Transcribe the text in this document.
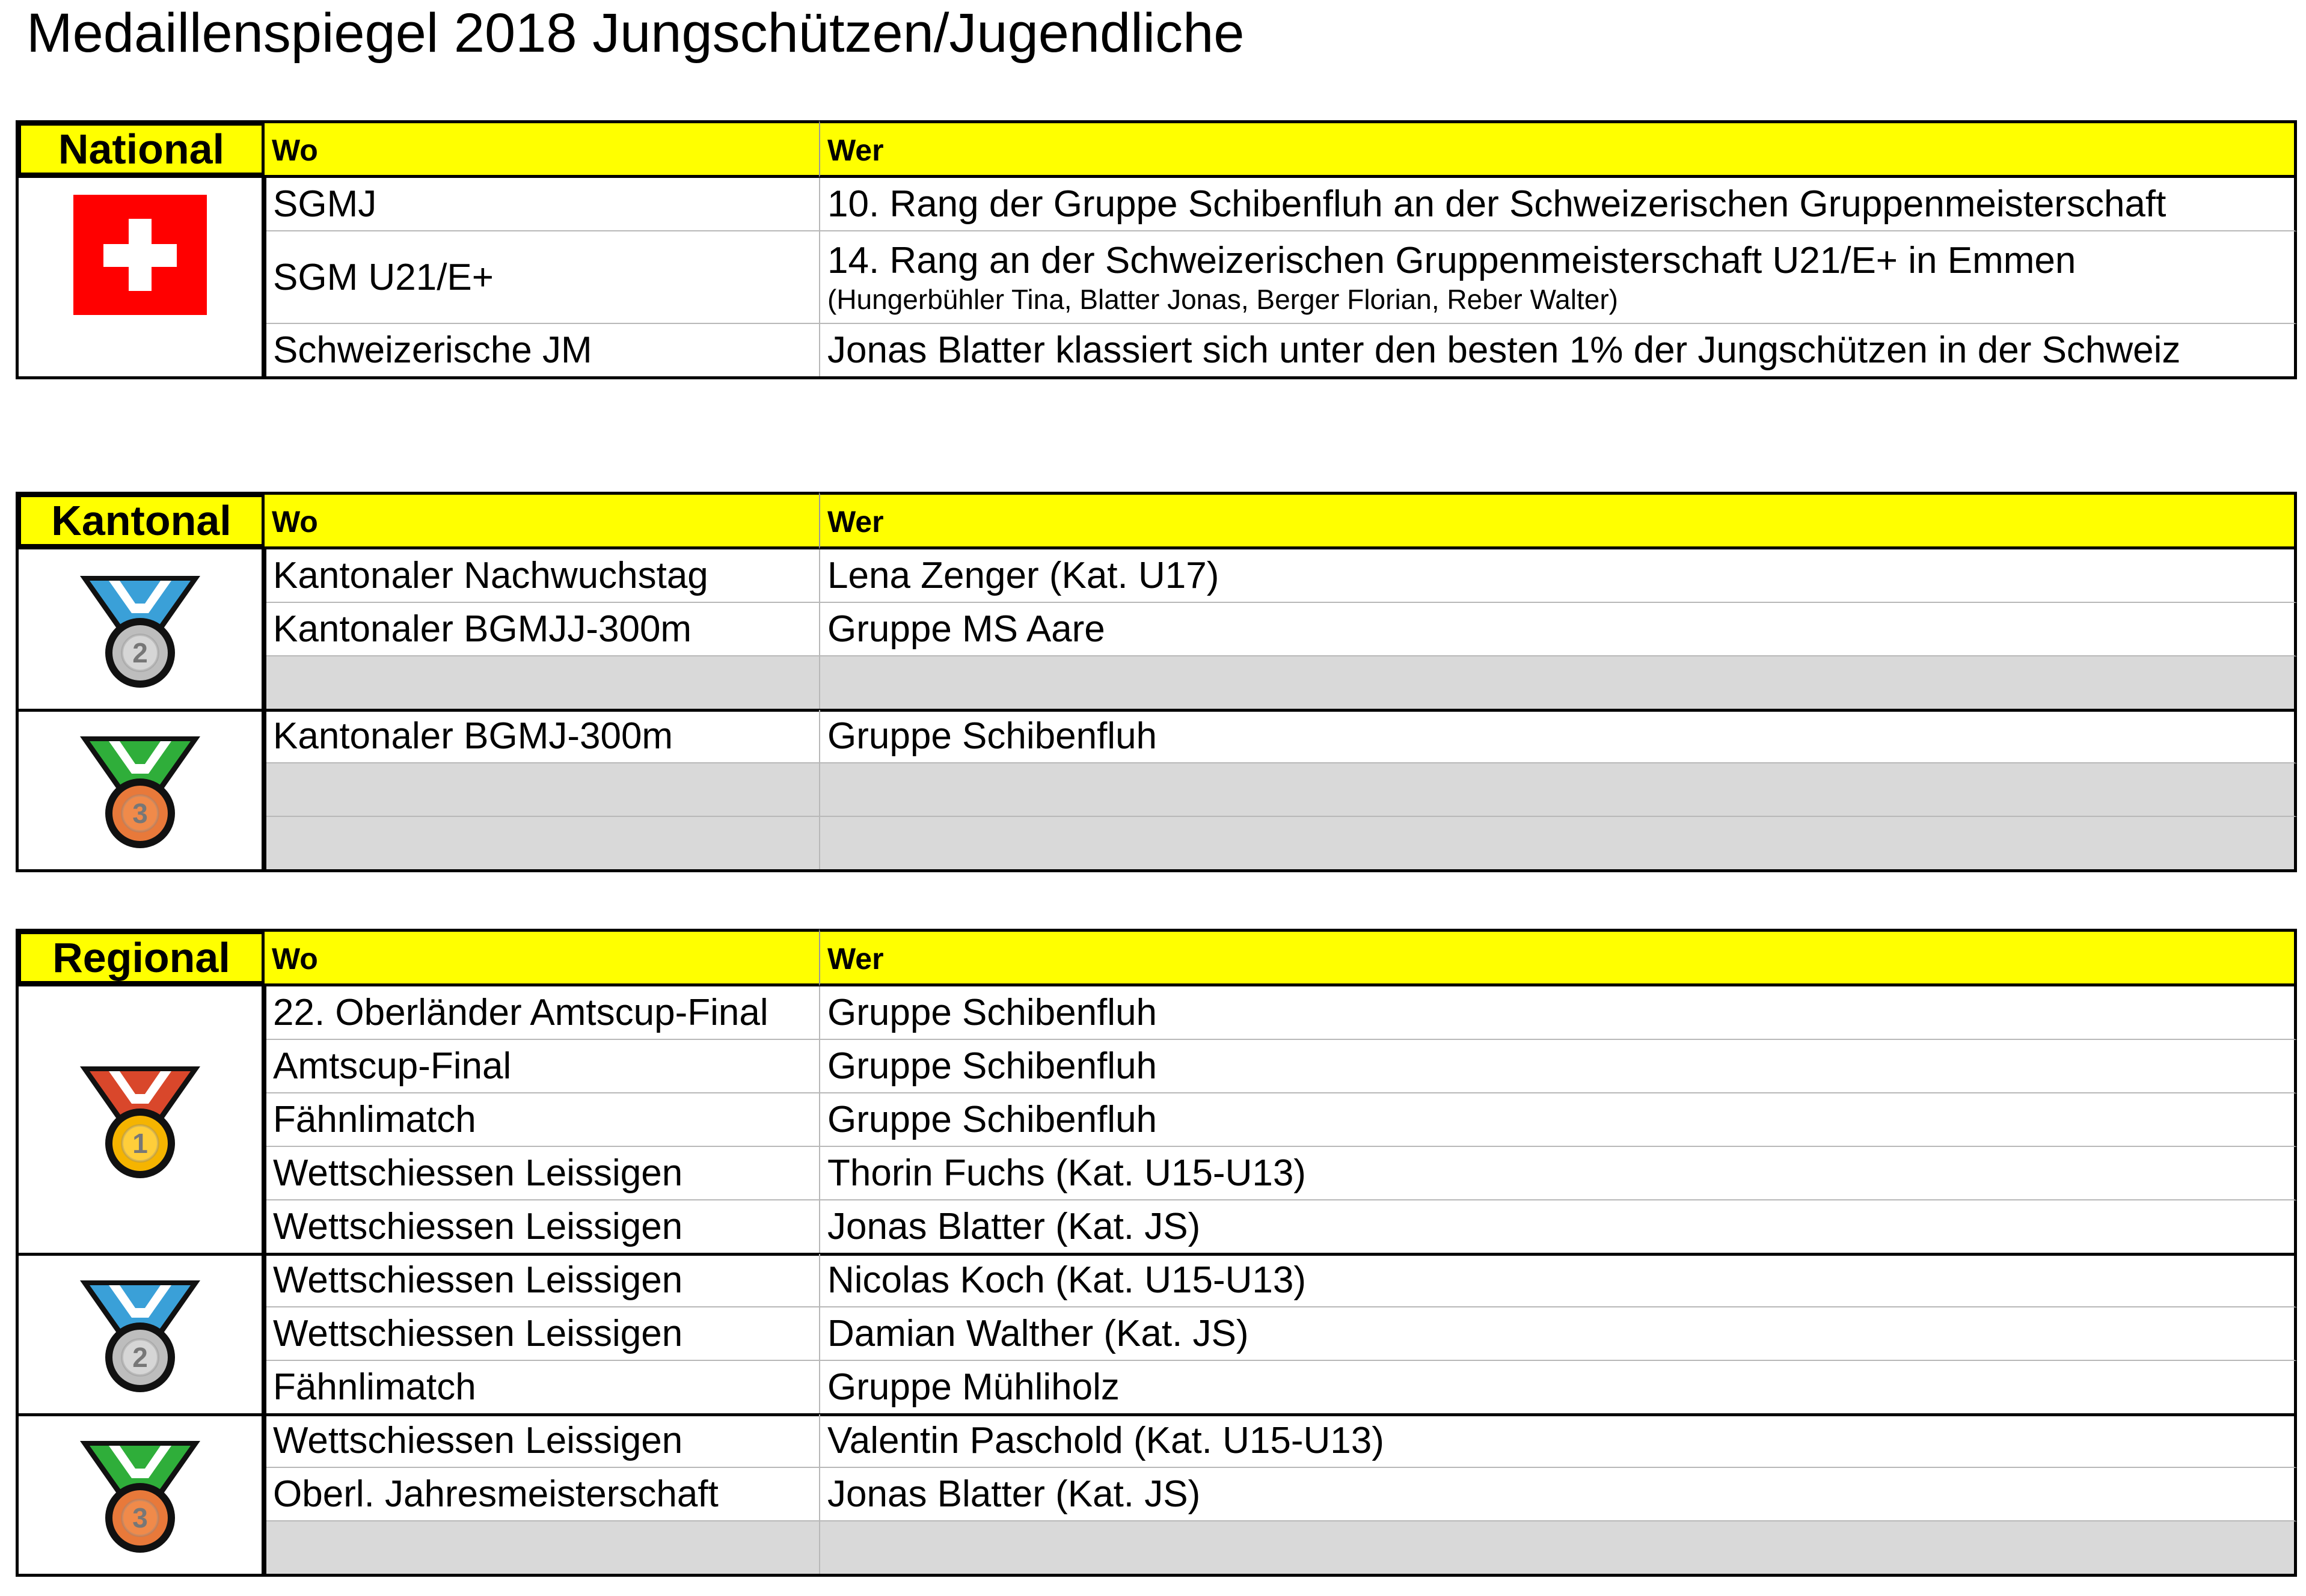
Medaillenspiegel 2018 Jungschützen/Jugendliche
National	Wo	Wer
SGMJ	10. Rang der Gruppe Schibenfluh an der Schweizerischen Gruppenmeisterschaft
SGM U21/E+	14. Rang an der Schweizerischen Gruppenmeisterschaft U21/E+ in Emmen
(Hungerbühler Tina, Blatter Jonas, Berger Florian, Reber Walter)
Schweizerische JM	Jonas Blatter klassiert sich unter den besten 1% der Jungschützen in der Schweiz
Kantonal	Wo	Wer
Kantonaler Nachwuchstag	Lena Zenger (Kat. U17)
Kantonaler BGMJJ-300m	Gruppe MS Aare
2
Kantonaler BGMJ-300m	Gruppe Schibenfluh
3
Regional	Wo	Wer
22. Oberländer Amtscup-Final	Gruppe Schibenfluh
Amtscup-Final	Gruppe Schibenfluh
Fähnlimatch	Gruppe Schibenfluh
Wettschiessen Leissigen	Thorin Fuchs (Kat. U15-U13)
Wettschiessen Leissigen	Jonas Blatter (Kat. JS)
1
Wettschiessen Leissigen	Nicolas Koch (Kat. U15-U13)
Wettschiessen Leissigen	Damian Walther (Kat. JS)
Fähnlimatch	Gruppe Mühliholz
2
Wettschiessen Leissigen	Valentin Paschold (Kat. U15-U13)
Oberl. Jahresmeisterschaft	Jonas Blatter (Kat. JS)
3
